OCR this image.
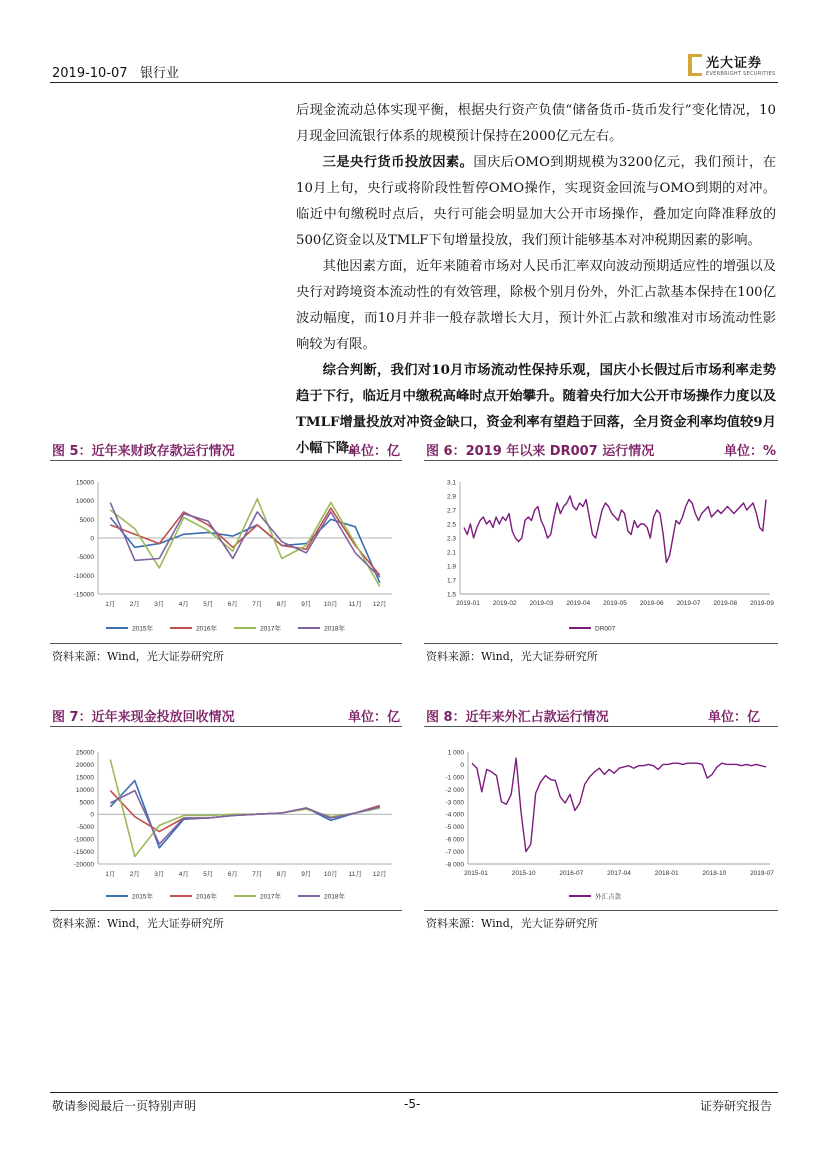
2019-10-07 银行业
光大证券
EVERBRIGHT SECURITIES

后现金流动总体实现平衡，根据央行资产负债“储备货币-货币发行”变化情况，10月现金回流银行体系的规模预计保持在2000亿元左右。

三是央行货币投放因素。国庆后OMO到期规模为3200亿元，我们预计，在10月上旬，央行或将阶段性暂停OMO操作，实现资金回流与OMO到期的对冲。临近中旬缴税时点后，央行可能会明显加大公开市场操作，叠加定向降准释放的500亿资金以及TMLF下旬增量投放，我们预计能够基本对冲税期因素的影响。

其他因素方面，近年来随着市场对人民币汇率双向波动预期适应性的增强以及央行对跨境资本流动性的有效管理，除极个别月份外，外汇占款基本保持在100亿波动幅度，而10月并非一般存款增长大月，预计外汇占款和缴准对市场流动性影响较为有限。

综合判断，我们对10月市场流动性保持乐观，国庆小长假过后市场利率走势趋于下行，临近月中缴税高峰时点开始攀升。随着央行加大公开市场操作力度以及TMLF增量投放对冲资金缺口，资金利率有望趋于回落，全月资金利率均值较9月小幅下降。

图 5：近年来财政存款运行情况	单位：亿
15000
10000
5000
0
-5000
-10000
-15000
1月 2月 3月 4月 5月 6月 7月 8月 9月 10月 11月 12月
2015年	2016年	2017年	2018年
资料来源：Wind，光大证券研究所
图 6：2019 年以来 DR007 运行情况	单位：%
3.1
2.9
2.7
2.5
2.3
2.1
1.9
1.7
1.5
2019-01 2019-02 2019-03 2019-04 2019-05 2019-06 2019-07 2019-08 2019-09
DR007
资料来源：Wind，光大证券研究所
图 7：近年来现金投放回收情况	单位：亿
25000
20000
15000
10000
5000
0
-5000
-10000
-15000
-20000
1月 2月 3月 4月 5月 6月 7月 8月 9月 10月 11月 12月
2015年	2016年	2017年	2018年
资料来源：Wind，光大证券研究所
图 8：近年来外汇占款运行情况	单位：亿
1 000
0
-1 000
-2 000
-3 000
-4 000
-5 000
-6 000
-7 000
-8 000
2015-01	2015-10	2016-07	2017-04	2018-01	2018-10	2019-07
外汇占款
资料来源：Wind，光大证券研究所
敬请参阅最后一页特别声明	-5-	证券研究报告
